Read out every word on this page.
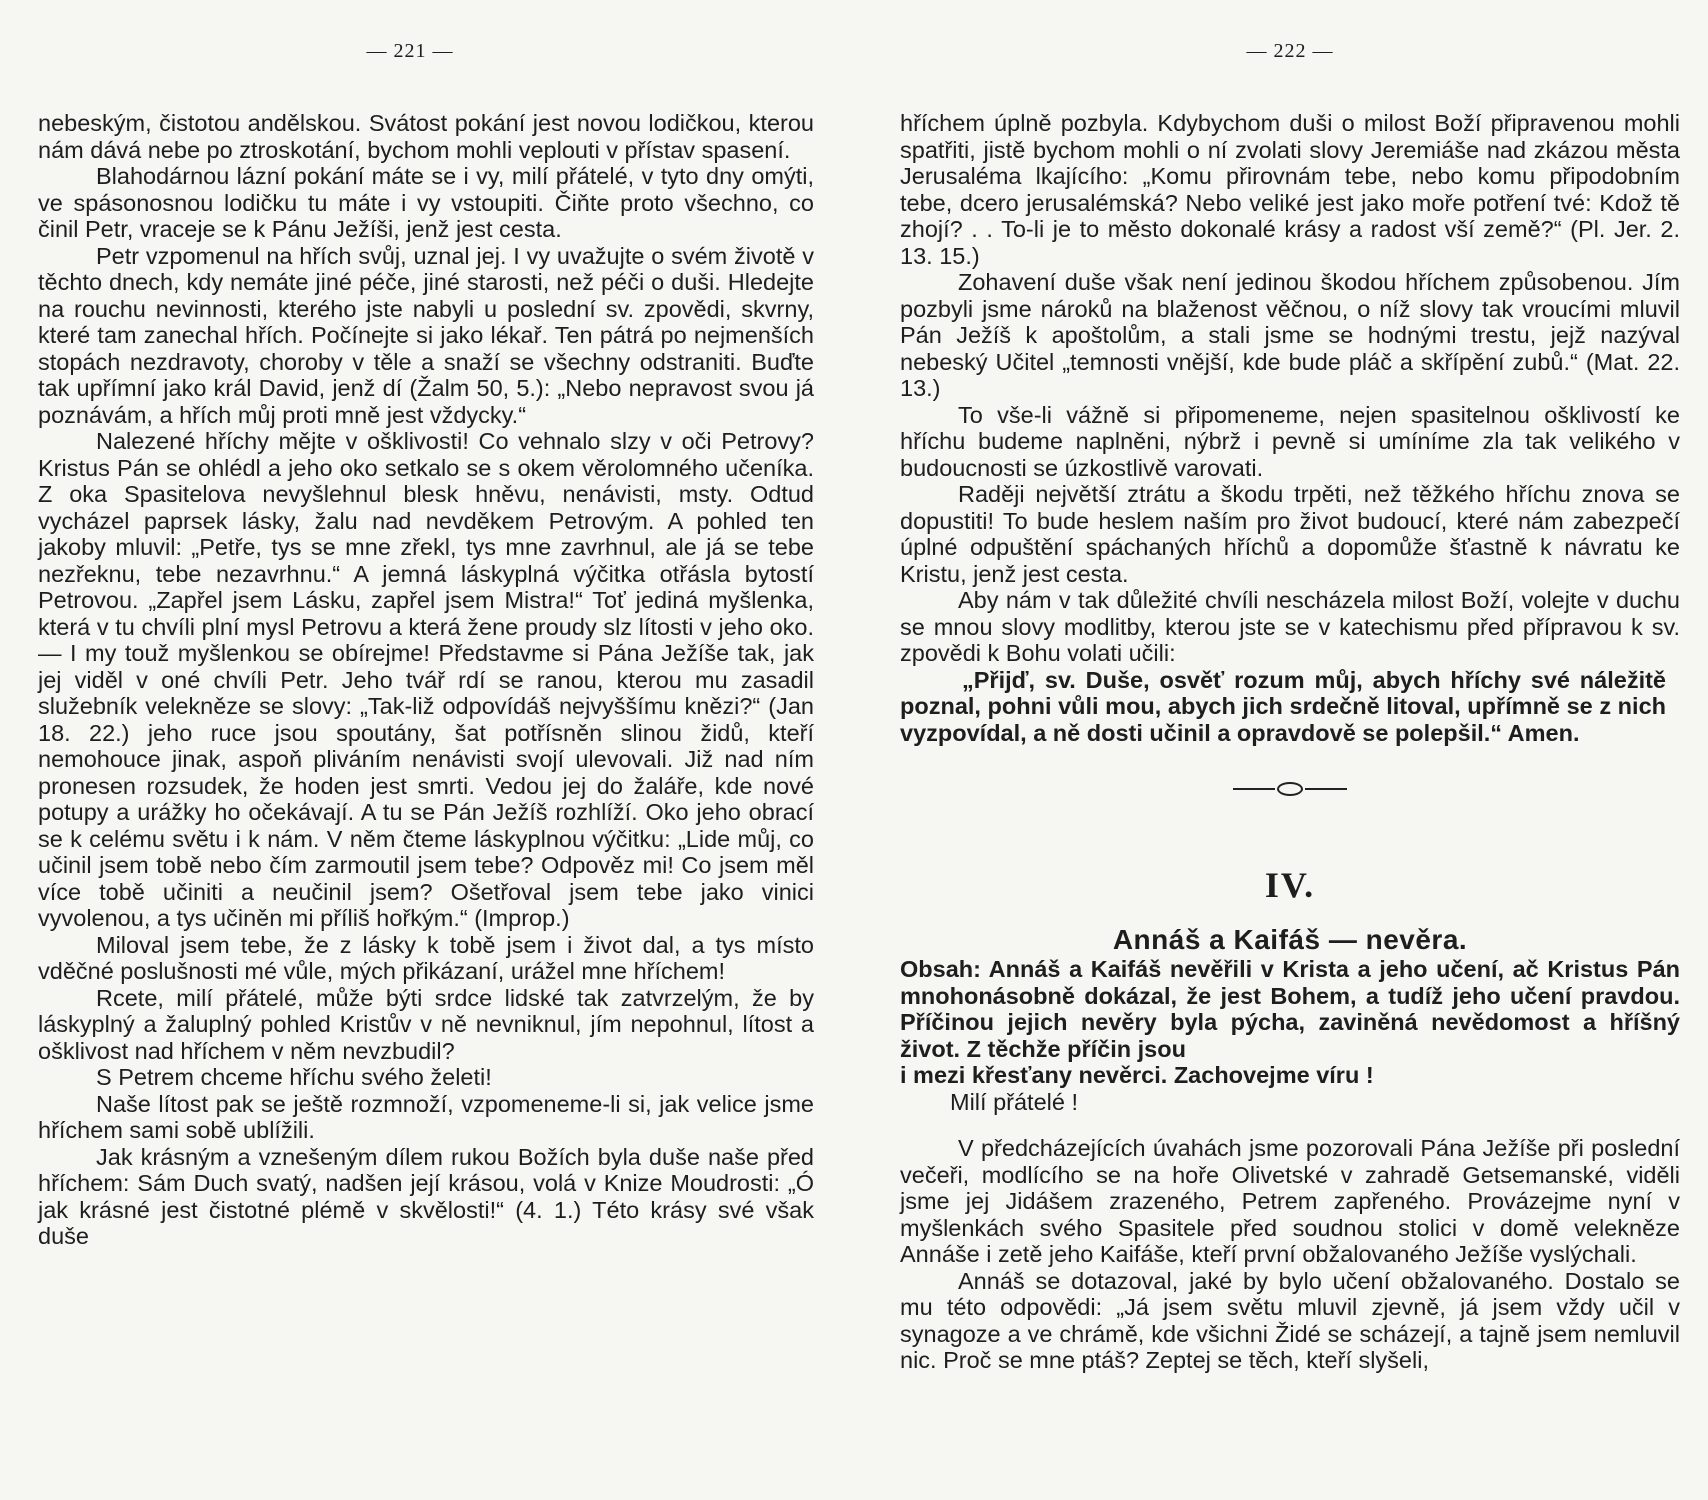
— 221 —

nebeským, čistotou andělskou. Svátost pokání jest novou lodičkou, kterou nám dává nebe po ztroskotání, bychom mohli veplouti v přístav spasení.

Blahodárnou lázní pokání máte se i vy, milí přátelé, v tyto dny omýti, ve spásonosnou lodičku tu máte i vy vstoupiti. Čiňte proto všechno, co činil Petr, vraceje se k Pánu Ježíši, jenž jest cesta.

Petr vzpomenul na hřích svůj, uznal jej. I vy uvažujte o svém životě v těchto dnech, kdy nemáte jiné péče, jiné starosti, než péči o duši. Hledejte na rouchu nevinnosti, kterého jste nabyli u poslední sv. zpovědi, skvrny, které tam zanechal hřích. Počínejte si jako lékař. Ten pátrá po nejmenších stopách nezdravoty, choroby v těle a snaží se všechny odstraniti. Buďte tak upřímní jako král David, jenž dí (Žalm 50, 5.): „Nebo nepravost svou já poznávám, a hřích můj proti mně jest vždycky.“

Nalezené hříchy mějte v ošklivosti! Co vehnalo slzy v oči Petrovy? Kristus Pán se ohlédl a jeho oko setkalo se s okem věrolomného učeníka. Z oka Spasitelova nevyšlehnul blesk hněvu, nenávisti, msty. Odtud vycházel paprsek lásky, žalu nad nevděkem Petrovým. A pohled ten jakoby mluvil: „Petře, tys se mne zřekl, tys mne zavrhnul, ale já se tebe nezřeknu, tebe nezavrhnu.“ A jemná láskyplná výčitka otřásla bytostí Petrovou. „Zapřel jsem Lásku, zapřel jsem Mistra!“ Toť jediná myšlenka, která v tu chvíli plní mysl Petrovu a která žene proudy slz lítosti v jeho oko. — I my touž myšlenkou se obírejme! Představme si Pána Ježíše tak, jak jej viděl v oné chvíli Petr. Jeho tvář rdí se ranou, kterou mu zasadil služebník velekněze se slovy: „Tak-liž odpovídáš nejvyššímu knězi?“ (Jan 18. 22.) jeho ruce jsou spoutány, šat potřísněn slinou židů, kteří nemohouce jinak, aspoň pliváním nenávisti svojí ulevovali. Již nad ním pronesen rozsudek, že hoden jest smrti. Vedou jej do žaláře, kde nové potupy a urážky ho očekávají. A tu se Pán Ježíš rozhlíží. Oko jeho obrací se k celému světu i k nám. V něm čteme láskyplnou výčitku: „Lide můj, co učinil jsem tobě nebo čím zarmoutil jsem tebe? Odpověz mi! Co jsem měl více tobě učiniti a neučinil jsem? Ošetřoval jsem tebe jako vinici vyvolenou, a tys učiněn mi příliš hořkým.“ (Improp.)

Miloval jsem tebe, že z lásky k tobě jsem i život dal, a tys místo vděčné poslušnosti mé vůle, mých přikázaní, urážel mne hříchem!

Rcete, milí přátelé, může býti srdce lidské tak zatvrzelým, že by láskyplný a žaluplný pohled Kristův v ně nevniknul, jím nepohnul, lítost a ošklivost nad hříchem v něm nevzbudil?

S Petrem chceme hříchu svého želeti!

Naše lítost pak se ještě rozmnoží, vzpomeneme-li si, jak velice jsme hříchem sami sobě ublížili.

Jak krásným a vznešeným dílem rukou Božích byla duše naše před hříchem: Sám Duch svatý, nadšen její krásou, volá v Knize Moudrosti: „Ó jak krásné jest čistotné plémě v skvělosti!“ (4. 1.) Této krásy své však duše

— 222 —

hříchem úplně pozbyla. Kdybychom duši o milost Boží připravenou mohli spatřiti, jistě bychom mohli o ní zvolati slovy Jeremiáše nad zkázou města Jerusaléma lkajícího: „Komu přirovnám tebe, nebo komu připodobním tebe, dcero jerusalémská? Nebo veliké jest jako moře potření tvé: Kdož tě zhojí? . . To-li je to město dokonalé krásy a radost vší země?“ (Pl. Jer. 2. 13. 15.)

Zohavení duše však není jedinou škodou hříchem způsobenou. Jím pozbyli jsme nároků na blaženost věčnou, o níž slovy tak vroucími mluvil Pán Ježíš k apoštolům, a stali jsme se hodnými trestu, jejž nazýval nebeský Učitel „temnosti vnější, kde bude pláč a skřípění zubů.“ (Mat. 22. 13.)

To vše-li vážně si připomeneme, nejen spasitelnou ošklivostí ke hříchu budeme naplněni, nýbrž i pevně si umíníme zla tak velikého v budoucnosti se úzkostlivě varovati.

Raději největší ztrátu a škodu trpěti, než těžkého hříchu znova se dopustiti! To bude heslem naším pro život budoucí, které nám zabezpečí úplné odpuštění spáchaných hříchů a dopomůže šťastně k návratu ke Kristu, jenž jest cesta.

Aby nám v tak důležité chvíli nescházela milost Boží, volejte v duchu se mnou slovy modlitby, kterou jste se v katechismu před přípravou k sv. zpovědi k Bohu volati učili:

„Přijď, sv. Duše, osvěť rozum můj, abych hříchy své náležitě poznal, pohni vůli mou, abych jich srdečně litoval, upřímně se z nich vyzpovídal, a ně dosti učinil a opravdově se polepšil.“ Amen.

IV.
Annáš a Kaifáš — nevěra.

Obsah: Annáš a Kaifáš nevěřili v Krista a jeho učení, ač Kristus Pán mnohonásobně dokázal, že jest Bohem, a tudíž jeho učení pravdou. Příčinou jejich nevěry byla pýcha, zaviněná nevědomost a hříšný život. Z těchže příčin jsou

i mezi křesťany nevěrci. Zachovejme víru !

Milí přátelé !

V předcházejících úvahách jsme pozorovali Pána Ježíše při poslední večeři, modlícího se na hoře Olivetské v zahradě Getsemanské, viděli jsme jej Jidášem zrazeného, Petrem zapřeného. Provázejme nyní v myšlenkách svého Spasitele před soudnou stolici v domě velekněze Annáše i zetě jeho Kaifáše, kteří první obžalovaného Ježíše vyslýchali.

Annáš se dotazoval, jaké by bylo učení obžalovaného. Dostalo se mu této odpovědi: „Já jsem světu mluvil zjevně, já jsem vždy učil v synagoze a ve chrámě, kde všichni Židé se scházejí, a tajně jsem nemluvil nic. Proč se mne ptáš? Zeptej se těch, kteří slyšeli,
